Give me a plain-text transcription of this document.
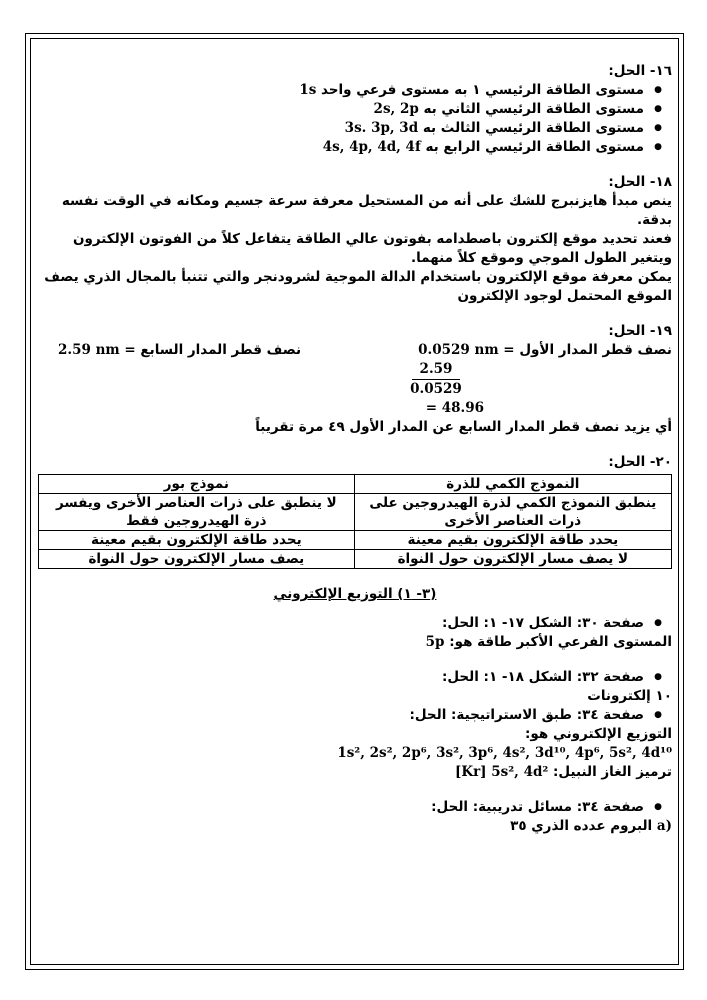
١٦- الحل:

● مستوى الطاقة الرئيسي ١ به مستوى فرعي واحد 1s
● مستوى الطاقة الرئيسي الثاني به 2s, 2p
● مستوى الطاقة الرئيسي الثالث به 3s. 3p, 3d
● مستوى الطاقة الرئيسي الرابع به 4s, 4p, 4d, 4f

١٨- الحل:

ينص مبدأ هايزنبرج للشك على أنه من المستحيل معرفة سرعة جسيم ومكانه في الوقت نفسه بدقة.

فعند تحديد موقع إلكترون باصطدامه بفوتون عالي الطاقة يتفاعل كلاً من الفوتون الإلكترون ويتغير الطول الموجي وموقع كلاً منهما.

يمكن معرفة موقع الإلكترون باستخدام الدالة الموجية لشرودنجر والتي تتنبأ بالمجال الذري يصف الموقع المحتمل لوجود الإلكترون

١٩- الحل:

نصف قطر المدار الأول = 0.0529 nm
نصف قطر المدار السابع = 2.59 nm
2.59
0.0529
= 48.96

أي يزيد نصف قطر المدار السابع عن المدار الأول ٤٩ مرة تقريباً

٢٠- الحل:

النموذج الكمي للذرة	نموذج بور
ينطبق النموذج الكمي لذرة الهيدروجين على ذرات العناصر الأخرى	لا ينطبق على ذرات العناصر الأخرى ويفسر ذرة الهيدروجين فقط
يحدد طاقة الإلكترون بقيم معينة	يحدد طاقة الإلكترون بقيم معينة
لا يصف مسار الإلكترون حول النواة	يصف مسار الإلكترون حول النواة

(٣- ١) التوزيع الإلكتروني

● صفحة ٣٠: الشكل ١٧- ١: الحل:

المستوى الفرعي الأكبر طاقة هو: 5p

● صفحة ٣٢: الشكل ١٨- ١: الحل:

١٠ إلكترونات

● صفحة ٣٤: طبق الاستراتيجية: الحل:

التوزيع الإلكتروني هو:

1s², 2s², 2p⁶, 3s², 3p⁶, 4s², 3d¹⁰, 4p⁶, 5s², 4d¹⁰

ترميز الغاز النبيل: [Kr] 5s², 4d²

● صفحة ٣٤: مسائل تدريبية: الحل:

a) البروم عدده الذري ٣٥
